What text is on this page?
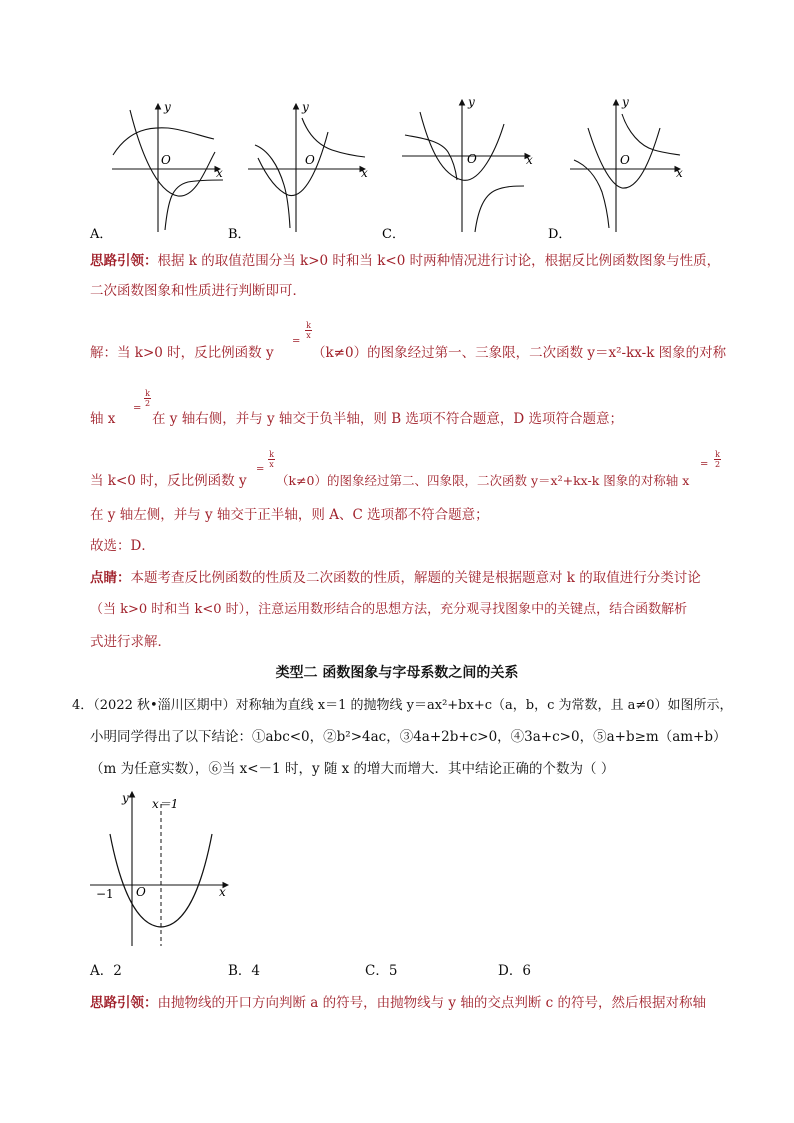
y
x
O
A．
y
x
O
B．
y
x
O
C．
y
x
O
D．
思路引领：根据 k 的取值范围分当 k>0 时和当 k<0 时两种情况进行讨论，根据反比例函数图象与性质，
二次函数图象和性质进行判断即可．
解：当 k>0 时，反比例函数 y
=
k
x
（k≠0）的图象经过第一、三象限，二次函数 y＝x²-kx-k 图象的对称
轴 x
=
k
2
在 y 轴右侧，并与 y 轴交于负半轴，则 B 选项不符合题意，D 选项符合题意；
当 k<0 时，反比例函数 y
=
k
x
（k≠0）的图象经过第二、四象限，二次函数 y＝x²+kx-k 图象的对称轴 x
=
k
2
在 y 轴左侧，并与 y 轴交于正半轴，则 A、C 选项都不符合题意；
故选：D．
点睛：本题考查反比例函数的性质及二次函数的性质，解题的关键是根据题意对 k 的取值进行分类讨论
（当 k>0 时和当 k<0 时），注意运用数形结合的思想方法，充分观寻找图象中的关键点，结合函数解析
式进行求解．
类型二 函数图象与字母系数之间的关系
4．（2022 秋•淄川区期中）对称轴为直线 x＝1 的抛物线 y＝ax²+bx+c（a，b，c 为常数，且 a≠0）如图所示，
小明同学得出了以下结论：①abc<0，②b²>4ac，③4a+2b+c>0，④3a+c>0，⑤a+b≥m（am+b）
（m 为任意实数），⑥当 x<－1 时，y 随 x 的增大而增大．其中结论正确的个数为（ ）
y
x
O
x＝1
−1
A．2	B．4	C．5	D．6
思路引领：由抛物线的开口方向判断 a 的符号，由抛物线与 y 轴的交点判断 c 的符号，然后根据对称轴
